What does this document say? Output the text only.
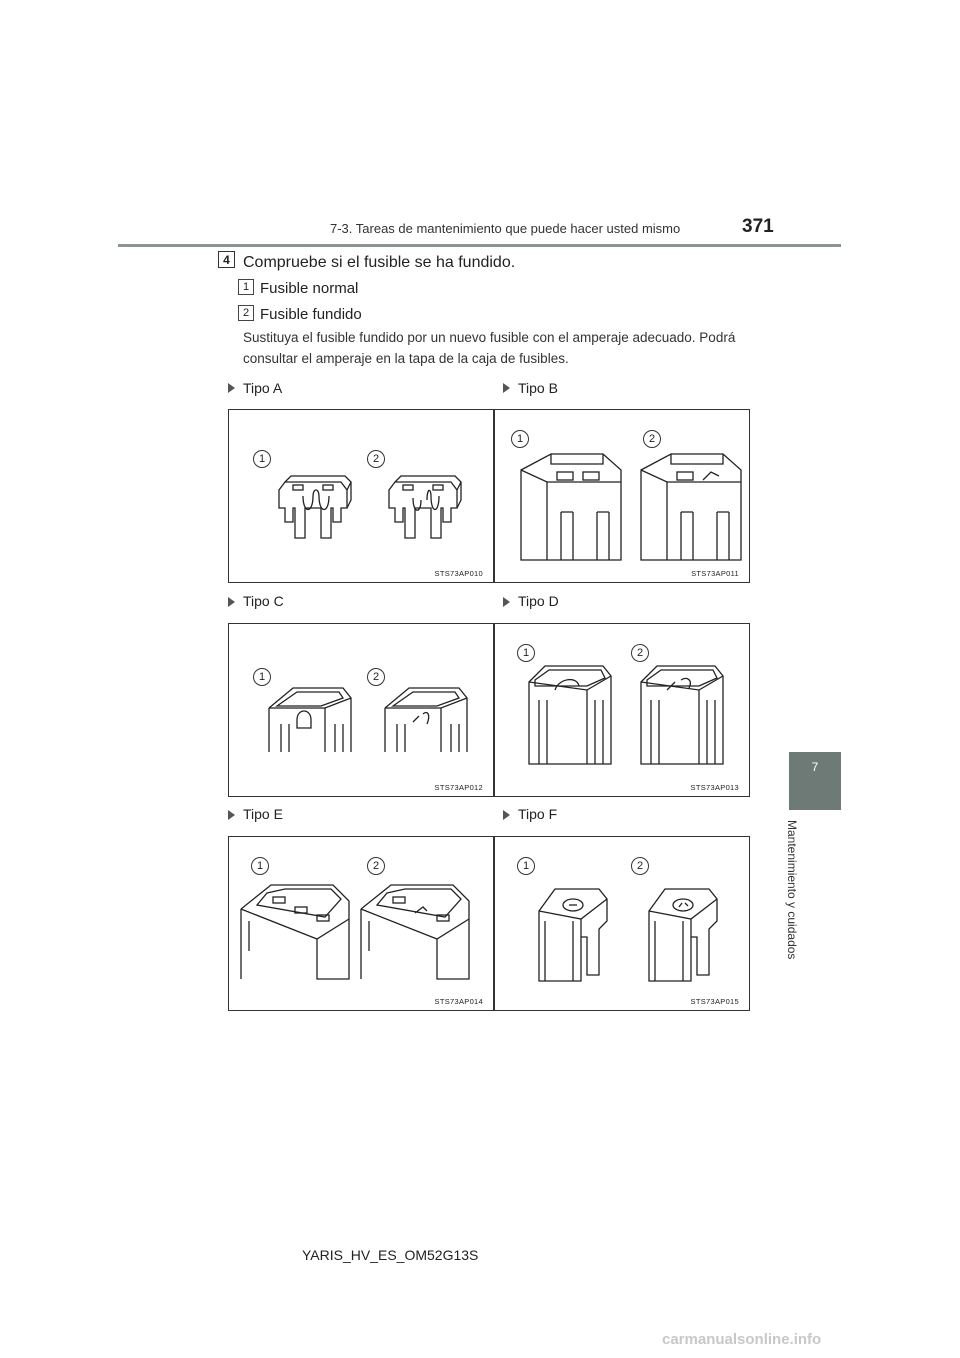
7-3. Tareas de mantenimiento que puede hacer usted mismo	371
7
Mantenimiento y cuidados
4 Compruebe si el fusible se ha fundido.
1 Fusible normal
2 Fusible fundido
Sustituya el fusible fundido por un nuevo fusible con el amperaje adecuado. Podrá consultar el amperaje en la tapa de la caja de fusibles.
Tipo A	Tipo B
Tipo C	Tipo D
Tipo E	Tipo F
1	2
STS73AP010
1	2
STS73AP011
1	2
STS73AP012
1	2
STS73AP013
1	2
STS73AP014
1	2
STS73AP015
YARIS_HV_ES_OM52G13S
carmanualsonline.info
